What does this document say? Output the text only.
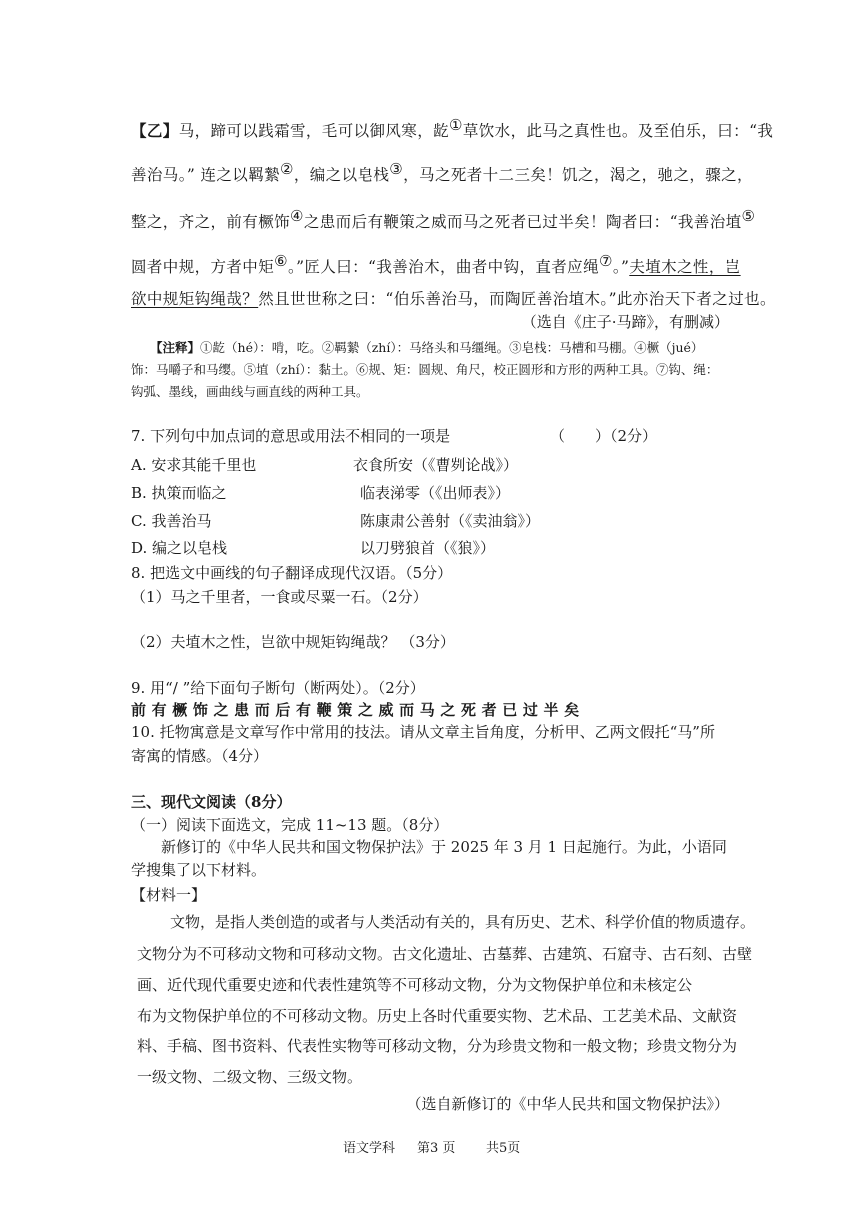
【乙】马，蹄可以践霜雪，毛可以御风寒，龁①草饮水，此马之真性也。及至伯乐，曰：“我
善治马。” 连之以羁縶②，编之以皂栈③，马之死者十二三矣！饥之，渴之，驰之，骤之，
整之，齐之，前有橛饰④之患而后有鞭策之威而马之死者已过半矣！陶者曰：“我善治埴⑤
圆者中规，方者中矩⑥。”匠人曰：“我善治木，曲者中钩，直者应绳⑦。”夫埴木之性，岂
欲中规矩钩绳哉？然且世世称之曰：“伯乐善治马，而陶匠善治埴木。”此亦治天下者之过也。
（选自《庄子·马蹄》，有删减）
【注释】①龁（hé）：啃，吃。②羁縶（zhí）：马络头和马缰绳。③皂栈：马槽和马棚。④橛（jué）
饰：马嚼子和马缨。⑤埴（zhí）：黏土。⑥规、矩：圆规、角尺，校正圆形和方形的两种工具。⑦钩、绳：
钩弧、墨线，画曲线与画直线的两种工具。
7. 下列句中加点词的意思或用法不相同的一项是	（　　）（2分）
A. 安求其能千里也	衣食所安（《曹刿论战》）
B. 执策而临之	临表涕零（《出师表》）
C. 我善治马	陈康肃公善射（《卖油翁》）
D. 编之以皂栈	以刀劈狼首（《狼》）
8. 把选文中画线的句子翻译成现代汉语。（5分）
（1）马之千里者，一食或尽粟一石。（2分）
（2）夫埴木之性，岂欲中规矩钩绳哉？ （3分）
9. 用“/ ”给下面句子断句（断两处）。（2分）
前 有 橛 饰 之 患 而 后 有 鞭 策 之 威 而 马 之 死 者 已 过 半 矣
10. 托物寓意是文章写作中常用的技法。请从文章主旨角度，分析甲、乙两文假托“马”所
寄寓的情感。（4分）
三、现代文阅读（8分）
（一）阅读下面选文，完成 11~13 题。（8分）
新修订的《中华人民共和国文物保护法》于 2025 年 3 月 1 日起施行。为此，小语同
学搜集了以下材料。
【材料一】
文物，是指人类创造的或者与人类活动有关的，具有历史、艺术、科学价值的物质遗存。
文物分为不可移动文物和可移动文物。古文化遗址、古墓葬、古建筑、石窟寺、古石刻、古壁
画、近代现代重要史迹和代表性建筑等不可移动文物，分为文物保护单位和未核定公
布为文物保护单位的不可移动文物。历史上各时代重要实物、艺术品、工艺美术品、文献资
料、手稿、图书资料、代表性实物等可移动文物，分为珍贵文物和一般文物；珍贵文物分为
一级文物、二级文物、三级文物。
（选自新修订的《中华人民共和国文物保护法》）
语文学科 第3 页 共5页
